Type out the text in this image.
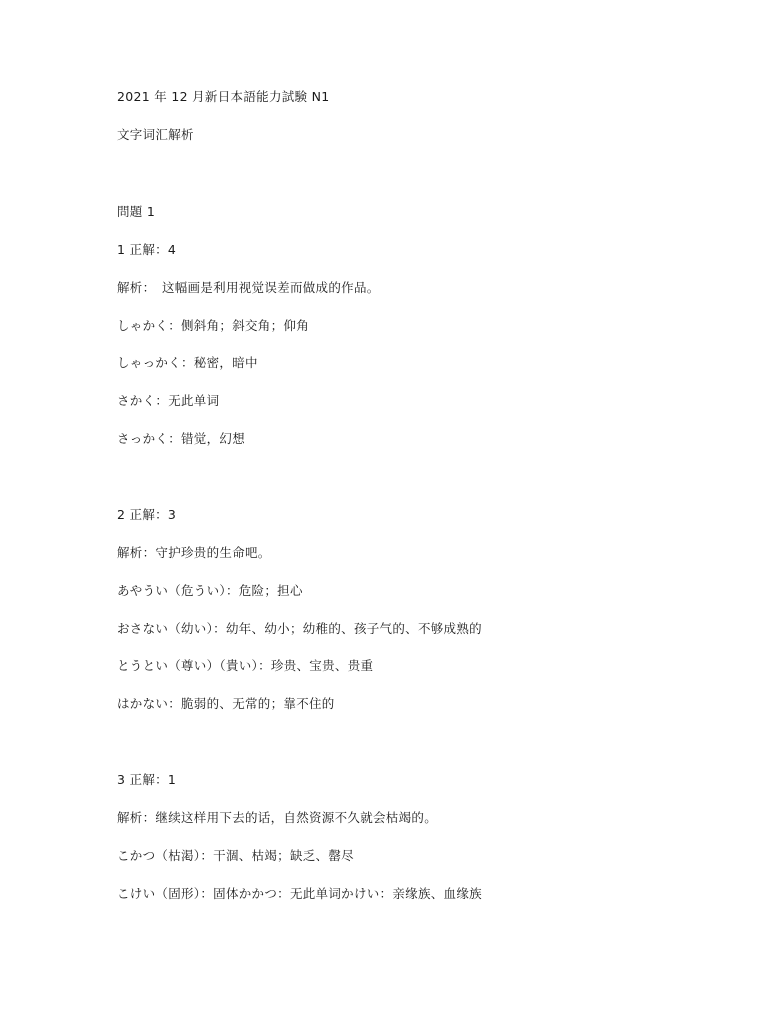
2021 年 12 月新日本語能力試験 N1
文字词汇解析
問題 1
1 正解：4
解析：　这幅画是利用视觉误差而做成的作品。
しゃかく：侧斜角；斜交角；仰角
しゃっかく：秘密，暗中
さかく：无此单词
さっかく：错觉，幻想
2 正解：3
解析：守护珍贵的生命吧。
あやうい（危うい）：危险；担心
おさない（幼い）：幼年、幼小；幼稚的、孩子气的、不够成熟的
とうとい（尊い）（貴い）：珍贵、宝贵、贵重
はかない：脆弱的、无常的；靠不住的
3 正解：1
解析：继续这样用下去的话，自然资源不久就会枯竭的。
こかつ（枯渇）：干涸、枯竭；缺乏、罄尽
こけい（固形）：固体かかつ：无此单词かけい：亲缘族、血缘族
